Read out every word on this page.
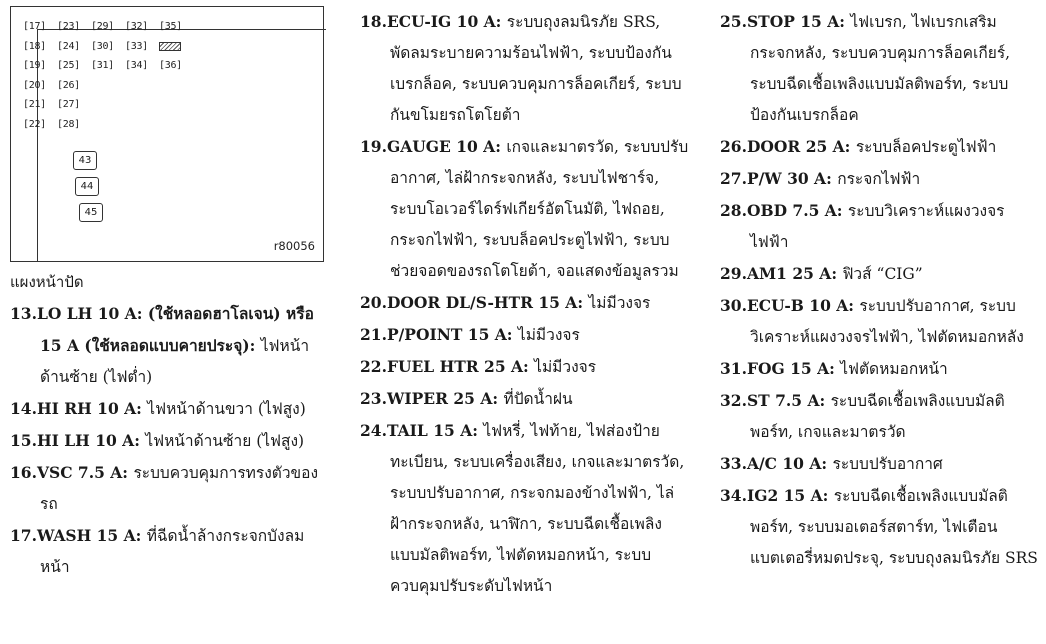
[17]	[23]	[29]	[32]	[35]
[18]	[24]	[30]	[33]
[19]	[25]	[31]	[34]	[36]
[20]	[26]
[21]	[27]
[22]	[28]
43
44
45
r80056
แผงหน้าปัด

13.LO LH 10 A: (ใช้หลอดฮาโลเจน) หรือ 15 A (ใช้หลอดแบบคายประจุ): ไฟหน้าด้านซ้าย (ไฟต่ำ)

14.HI RH 10 A: ไฟหน้าด้านขวา (ไฟสูง)

15.HI LH 10 A: ไฟหน้าด้านซ้าย (ไฟสูง)

16.VSC 7.5 A: ระบบควบคุมการทรงตัวของรถ

17.WASH 15 A: ที่ฉีดน้ำล้างกระจกบังลมหน้า

18.ECU-IG 10 A: ระบบถุงลมนิรภัย SRS, พัดลมระบายความร้อนไฟฟ้า, ระบบป้องกันเบรกล็อค, ระบบควบคุมการล็อคเกียร์, ระบบกันขโมยรถโตโยต้า

19.GAUGE 10 A: เกจและมาตรวัด, ระบบปรับอากาศ, ไล่ฝ้ากระจกหลัง, ระบบไฟชาร์จ, ระบบโอเวอร์ไดร์ฟเกียร์อัตโนมัติ, ไฟถอย, กระจกไฟฟ้า, ระบบล็อคประตูไฟฟ้า, ระบบช่วยจอดของรถโตโยต้า, จอแสดงข้อมูลรวม

20.DOOR DL/S-HTR 15 A: ไม่มีวงจร

21.P/POINT 15 A: ไม่มีวงจร

22.FUEL HTR 25 A: ไม่มีวงจร

23.WIPER 25 A: ที่ปัดน้ำฝน

24.TAIL 15 A: ไฟหรี่, ไฟท้าย, ไฟส่องป้ายทะเบียน, ระบบเครื่องเสียง, เกจและมาตรวัด, ระบบปรับอากาศ, กระจกมองข้างไฟฟ้า, ไล่ฝ้ากระจกหลัง, นาฬิกา, ระบบฉีดเชื้อเพลิงแบบมัลติพอร์ท, ไฟตัดหมอกหน้า, ระบบควบคุมปรับระดับไฟหน้า

25.STOP 15 A: ไฟเบรก, ไฟเบรกเสริมกระจกหลัง, ระบบควบคุมการล็อคเกียร์, ระบบฉีดเชื้อเพลิงแบบมัลติพอร์ท, ระบบป้องกันเบรกล็อค

26.DOOR 25 A: ระบบล็อคประตูไฟฟ้า

27.P/W 30 A: กระจกไฟฟ้า

28.OBD 7.5 A: ระบบวิเคราะห์แผงวงจรไฟฟ้า

29.AM1 25 A: ฟิวส์ “CIG”

30.ECU-B 10 A: ระบบปรับอากาศ, ระบบวิเคราะห์แผงวงจรไฟฟ้า, ไฟตัดหมอกหลัง

31.FOG 15 A: ไฟตัดหมอกหน้า

32.ST 7.5 A: ระบบฉีดเชื้อเพลิงแบบมัลติพอร์ท, เกจและมาตรวัด

33.A/C 10 A: ระบบปรับอากาศ

34.IG2 15 A: ระบบฉีดเชื้อเพลิงแบบมัลติพอร์ท, ระบบมอเตอร์สตาร์ท, ไฟเตือนแบตเตอรี่หมดประจุ, ระบบถุงลมนิรภัย SRS
